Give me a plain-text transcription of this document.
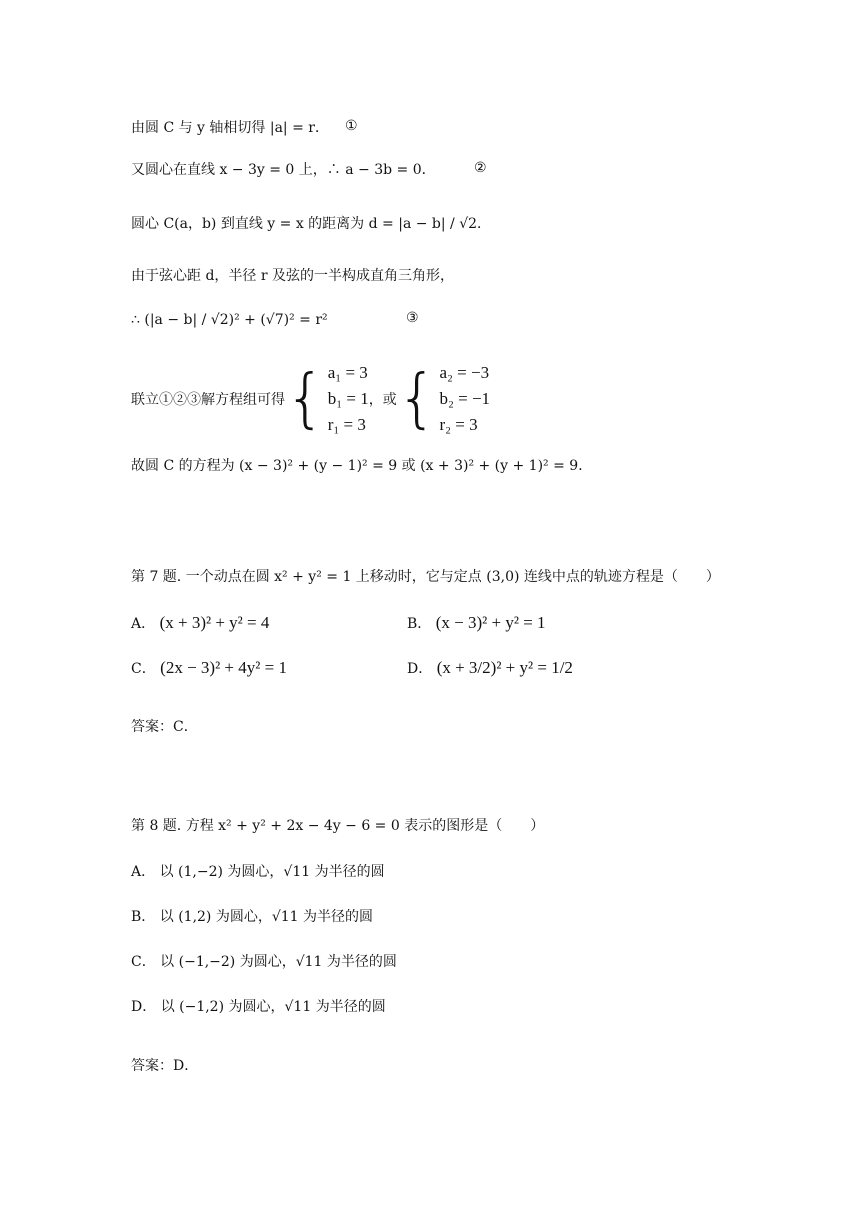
由圆 C 与 y 轴相切得 |a| = r． ①
又圆心在直线 x − 3y = 0 上，∴ a − 3b = 0．	②
圆心 C(a，b) 到直线 y = x 的距离为 d = |a − b| / √2．
由于弦心距 d，半径 r 及弦的一半构成直角三角形，
∴ (|a − b| / √2)² + (√7)² = r²	③
联立①②③解方程组可得{ a₁ = 3
b₁ = 1
r₁ = 3
，或{ a₂ = −3
b₂ = −1
r₂ = 3
故圆 C 的方程为 (x − 3)² + (y − 1)² = 9 或 (x + 3)² + (y + 1)² = 9．
第 7 题. 一个动点在圆 x² + y² = 1 上移动时，它与定点 (3,0) 连线中点的轨迹方程是（　　）
A． (x + 3)² + y² = 4	B． (x − 3)² + y² = 1
C． (2x − 3)² + 4y² = 1	D． (x + 3/2)² + y² = 1/2
答案：C．
第 8 题. 方程 x² + y² + 2x − 4y − 6 = 0 表示的图形是（　　）
A． 以 (1,−2) 为圆心，√11 为半径的圆
B． 以 (1,2) 为圆心，√11 为半径的圆
C． 以 (−1,−2) 为圆心，√11 为半径的圆
D． 以 (−1,2) 为圆心，√11 为半径的圆
答案：D．
